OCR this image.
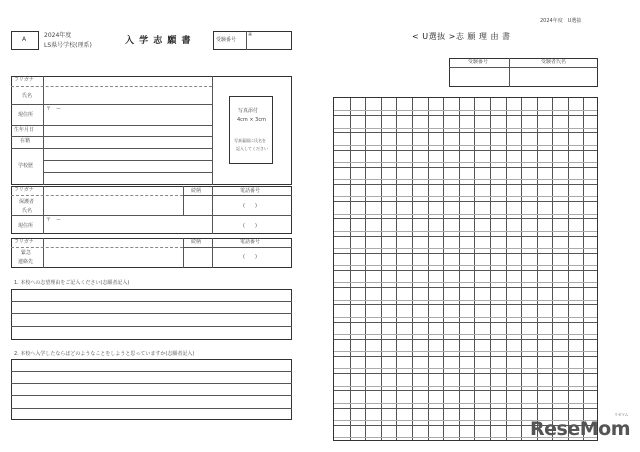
A
2024年度
LS県号学校(理系)	入 学 志 願 書	受験番号
※
フリガナ
氏名
〒　ー
現住所
生年月日
在籍
学校歴
写真添付
4cm × 3cm
写真裏面に氏名を
記入してください
フリガナ
保護者
氏名
続柄	電話番号
(　　)
〒　ー
現住所	(　　)
フリガナ
緊急
連絡先
続柄	電話番号
(　　)
1. 本校への志望理由をご記入ください(志願者記入)
2. 本校へ入学したならばどのようなことをしようと思っていますか(志願者記入)
2024年度　U選抜
< U選抜 >志 願 理 由 書
受験番号	受験者氏名
リセマム
ReseMom
